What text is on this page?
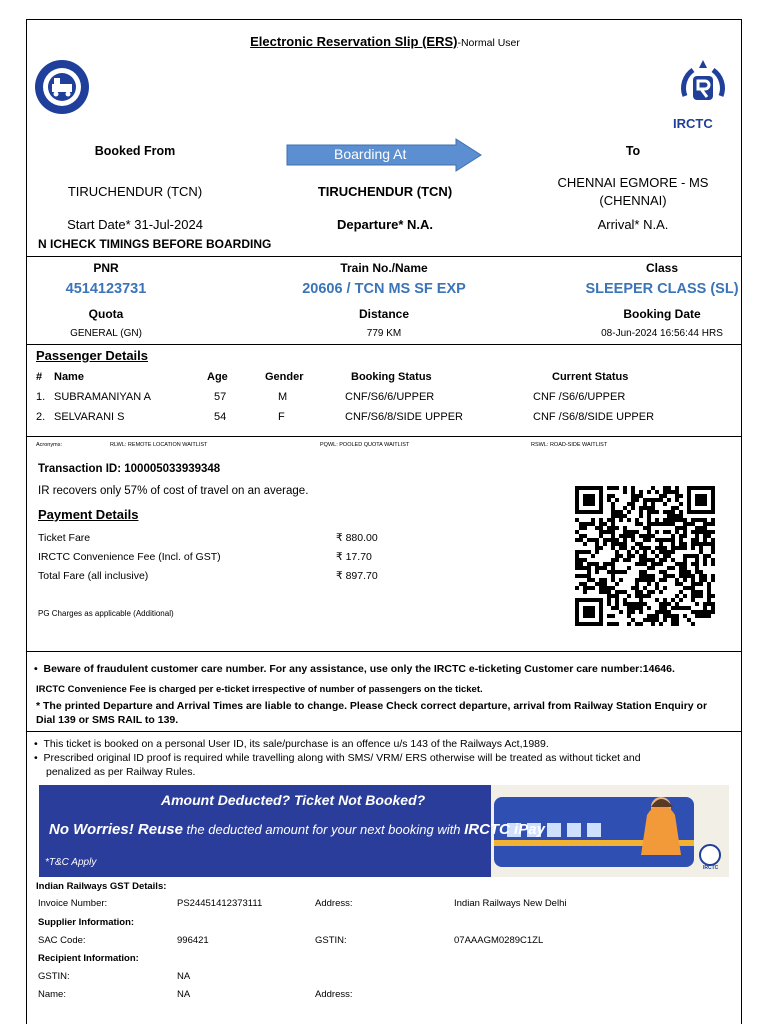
Electronic Reservation Slip (ERS)-Normal User
IRCTC
Booked From	Boarding At	To
TIRUCHENDUR (TCN)	TIRUCHENDUR (TCN)
CHENNAI EGMORE - MS
(CHENNAI)
Start Date* 31-Jul-2024	Departure* N.A.	Arrival* N.A.
N ICHECK TIMINGS BEFORE BOARDING
PNR	Train No./Name	Class
4514123731	20606 / TCN MS SF EXP	SLEEPER CLASS (SL)
Quota	Distance	Booking Date
GENERAL (GN)	779 KM	08-Jun-2024 16:56:44 HRS
Passenger Details
# Name	Age	Gender	Booking Status	Current Status
1. SUBRAMANIYAN A	57	M	CNF/S6/6/UPPER	CNF /S6/6/UPPER
2. SELVARANI S	54	F	CNF/S6/8/SIDE UPPER	CNF /S6/8/SIDE UPPER
Acronyms:	RLWL: REMOTE LOCATION WAITLIST	PQWL: POOLED QUOTA WAITLIST	RSWL: ROAD-SIDE WAITLIST
Transaction ID: 100005033939348
IR recovers only 57% of cost of travel on an average.
Payment Details
Ticket Fare	₹ 880.00
IRCTC Convenience Fee (Incl. of GST)	₹ 17.70
Total Fare (all inclusive)	₹ 897.70
PG Charges as applicable (Additional)
•  Beware of fraudulent customer care number. For any assistance, use only the IRCTC e-ticketing Customer care number:14646.
IRCTC Convenience Fee is charged per e-ticket irrespective of number of passengers on the ticket.
* The printed Departure and Arrival Times are liable to change. Please Check correct departure, arrival from Railway Station Enquiry or
Dial 139 or SMS RAIL to 139.
•  This ticket is booked on a personal User ID, its sale/purchase is an offence u/s 143 of the Railways Act,1989.
•  Prescribed original ID proof is required while travelling along with SMS/ VRM/ ERS otherwise will be treated as without ticket and
penalized as per Railway Rules.
Amount Deducted? Ticket Not Booked?
No Worries! Reuse the deducted amount for your next booking with IRCTC iPay
*T&C Apply	IRCTC
Indian Railways GST Details:
Invoice Number:	PS24451412373111	Address:	Indian Railways New Delhi
Supplier Information:
SAC Code:	996421	GSTIN:	07AAAGM0289C1ZL
Recipient Information:
GSTIN:	NA
Name:	NA	Address:
